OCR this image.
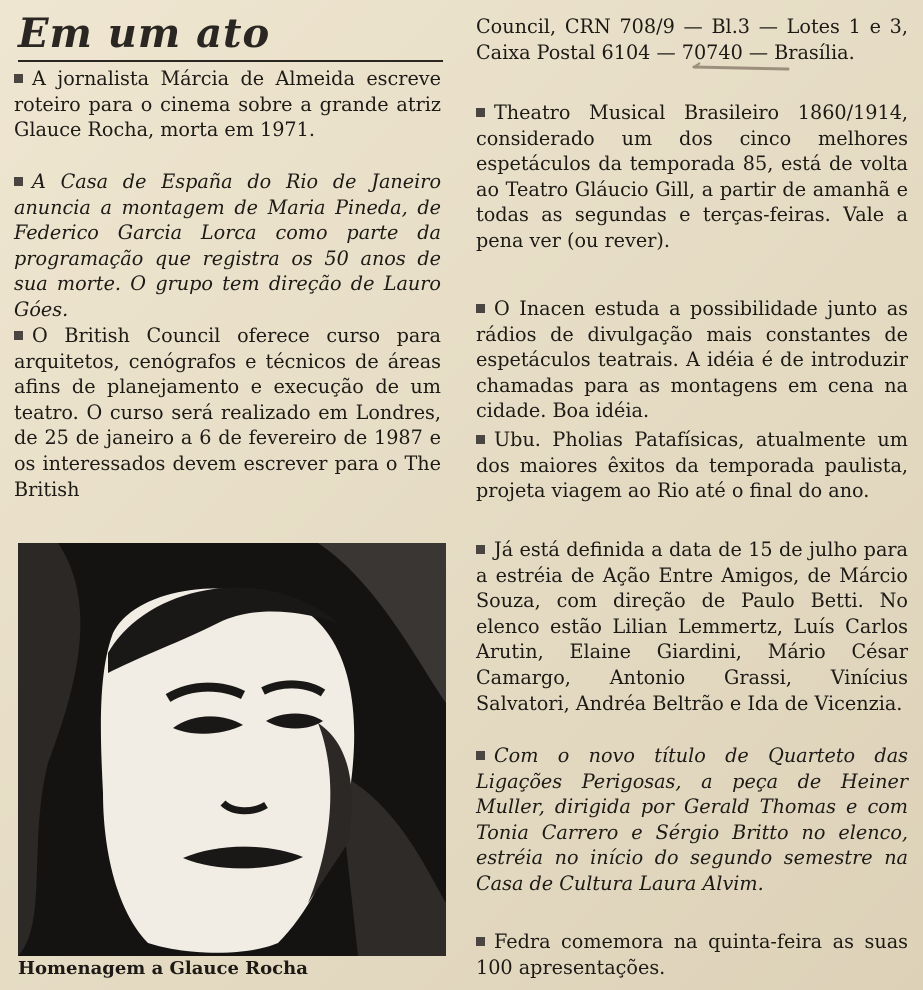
Em um ato

A jornalista Márcia de Almeida escreve roteiro para o cinema sobre a grande atriz Glauce Rocha, morta em 1971.

A Casa de España do Rio de Janeiro anuncia a montagem de Maria Pineda, de Federico Garcia Lorca como parte da programação que registra os 50 anos de sua morte. O grupo tem direção de Lauro Góes.

O British Council oferece curso para arquitetos, cenógrafos e técnicos de áreas afins de planejamento e execução de um teatro. O curso será realizado em Londres, de 25 de janeiro a 6 de fevereiro de 1987 e os interessados devem escrever para o The British

Homenagem a Glauce Rocha

Council, CRN 708/9 — Bl.3 — Lotes 1 e 3, Caixa Postal 6104 — 70740 — Brasília.

Theatro Musical Brasileiro 1860/1914, considerado um dos cinco melhores espetáculos da temporada 85, está de volta ao Teatro Gláucio Gill, a partir de amanhã e todas as segundas e terças-feiras. Vale a pena ver (ou rever).

O Inacen estuda a possibilidade junto as rádios de divulgação mais constantes de espetáculos teatrais. A idéia é de introduzir chamadas para as montagens em cena na cidade. Boa idéia.

Ubu. Pholias Patafísicas, atualmente um dos maiores êxitos da temporada paulista, projeta viagem ao Rio até o final do ano.

Já está definida a data de 15 de julho para a estréia de Ação Entre Amigos, de Márcio Souza, com direção de Paulo Betti. No elenco estão Lilian Lemmertz, Luís Carlos Arutin, Elaine Giardini, Mário César Camargo, Antonio Grassi, Vinícius Salvatori, Andréa Beltrão e Ida de Vicenzia.

Com o novo título de Quarteto das Ligações Perigosas, a peça de Heiner Muller, dirigida por Gerald Thomas e com Tonia Carrero e Sérgio Britto no elenco, estréia no início do segundo semestre na Casa de Cultura Laura Alvim.

Fedra comemora na quinta-feira as suas 100 apresentações.
